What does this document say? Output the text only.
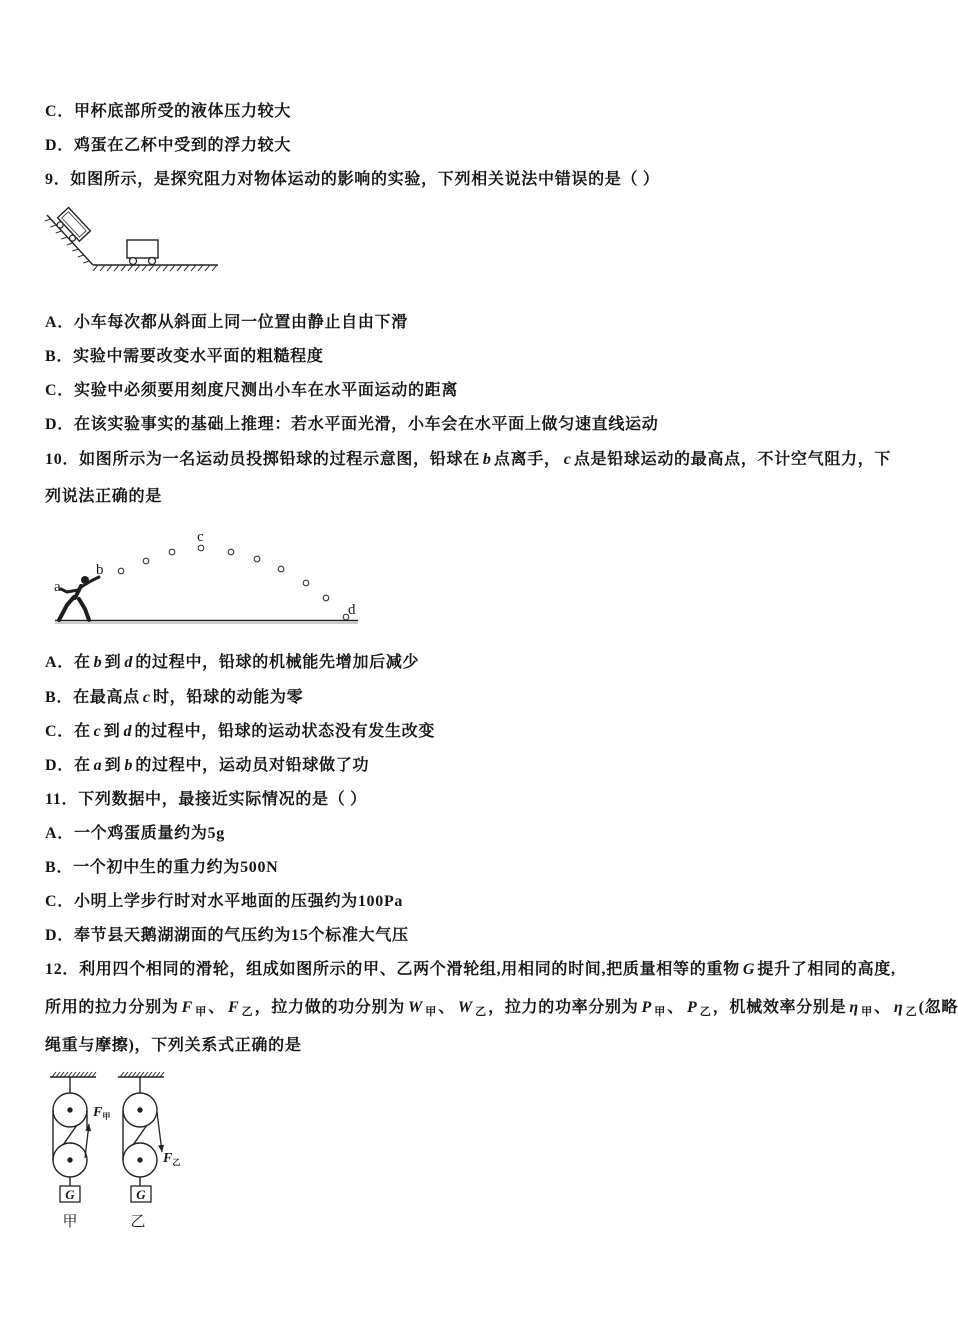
C．甲杯底部所受的液体压力较大
D．鸡蛋在乙杯中受到的浮力较大
9．如图所示，是探究阻力对物体运动的影响的实验，下列相关说法中错误的是（ ）
A．小车每次都从斜面上同一位置由静止自由下滑
B．实验中需要改变水平面的粗糙程度
C．实验中必须要用刻度尺测出小车在水平面运动的距离
D．在该实验事实的基础上推理：若水平面光滑，小车会在水平面上做匀速直线运动
10．如图所示为一名运动员投掷铅球的过程示意图，铅球在 b 点离手， c 点是铅球运动的最高点，不计空气阻力，下
列说法正确的是
a
b
c
d
A．在 b 到 d 的过程中，铅球的机械能先增加后减少
B．在最高点 c 时，铅球的动能为零
C．在 c 到 d 的过程中，铅球的运动状态没有发生改变
D．在 a 到 b 的过程中，运动员对铅球做了功
11．下列数据中，最接近实际情况的是（ ）
A．一个鸡蛋质量约为5g
B．一个初中生的重力约为500N
C．小明上学步行时对水平地面的压强约为100Pa
D．奉节县天鹅湖湖面的气压约为15个标准大气压
12．利用四个相同的滑轮，组成如图所示的甲、乙两个滑轮组,用相同的时间,把质量相等的重物 G 提升了相同的高度,
所用的拉力分别为 F 甲 、 F 乙 ，拉力做的功分别为 W 甲 、 W 乙 ，拉力的功率分别为 P 甲 、 P 乙 ，机械效率分别是 η 甲 、 η 乙 (忽略
绳重与摩擦)，下列关系式正确的是
$F_甲$
G
甲
$F_乙$
G
乙
